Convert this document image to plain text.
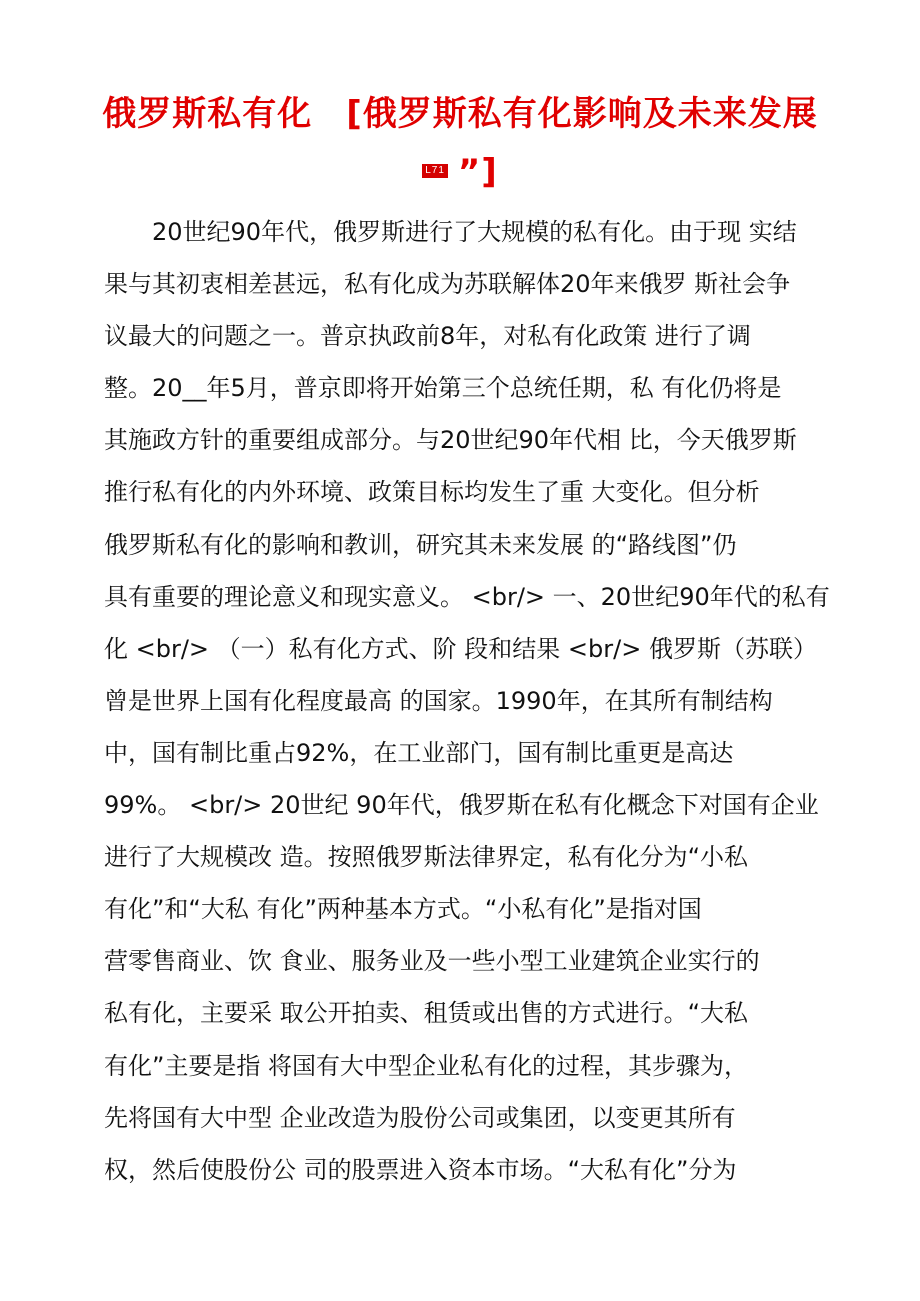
俄罗斯私有化 [俄罗斯私有化影响及未来发展
L71 ”]
20世纪90年代，俄罗斯进行了大规模的私有化。由于现 实结
果与其初衷相差甚远，私有化成为苏联解体20年来俄罗 斯社会争
议最大的问题之一。普京执政前8年，对私有化政策 进行了调
整。20__年5月，普京即将开始第三个总统任期，私 有化仍将是
其施政方针的重要组成部分。与20世纪90年代相 比，今天俄罗斯
推行私有化的内外环境、政策目标均发生了重 大变化。但分析
俄罗斯私有化的影响和教训，研究其未来发展 的“路线图”仍
具有重要的理论意义和现实意义。 <br/> 一、20世纪90年代的私有
化 <br/> （一）私有化方式、阶 段和结果 <br/> 俄罗斯（苏联）
曾是世界上国有化程度最高 的国家。1990年，在其所有制结构
中，国有制比重占92%，在工业部门，国有制比重更是高达
99%。 <br/> 20世纪 90年代，俄罗斯在私有化概念下对国有企业
进行了大规模改 造。按照俄罗斯法律界定，私有化分为“小私
有化”和“大私 有化”两种基本方式。“小私有化”是指对国
营零售商业、饮 食业、服务业及一些小型工业建筑企业实行的
私有化，主要采 取公开拍卖、租赁或出售的方式进行。“大私
有化”主要是指 将国有大中型企业私有化的过程，其步骤为，
先将国有大中型 企业改造为股份公司或集团，以变更其所有
权，然后使股份公 司的股票进入资本市场。“大私有化”分为
